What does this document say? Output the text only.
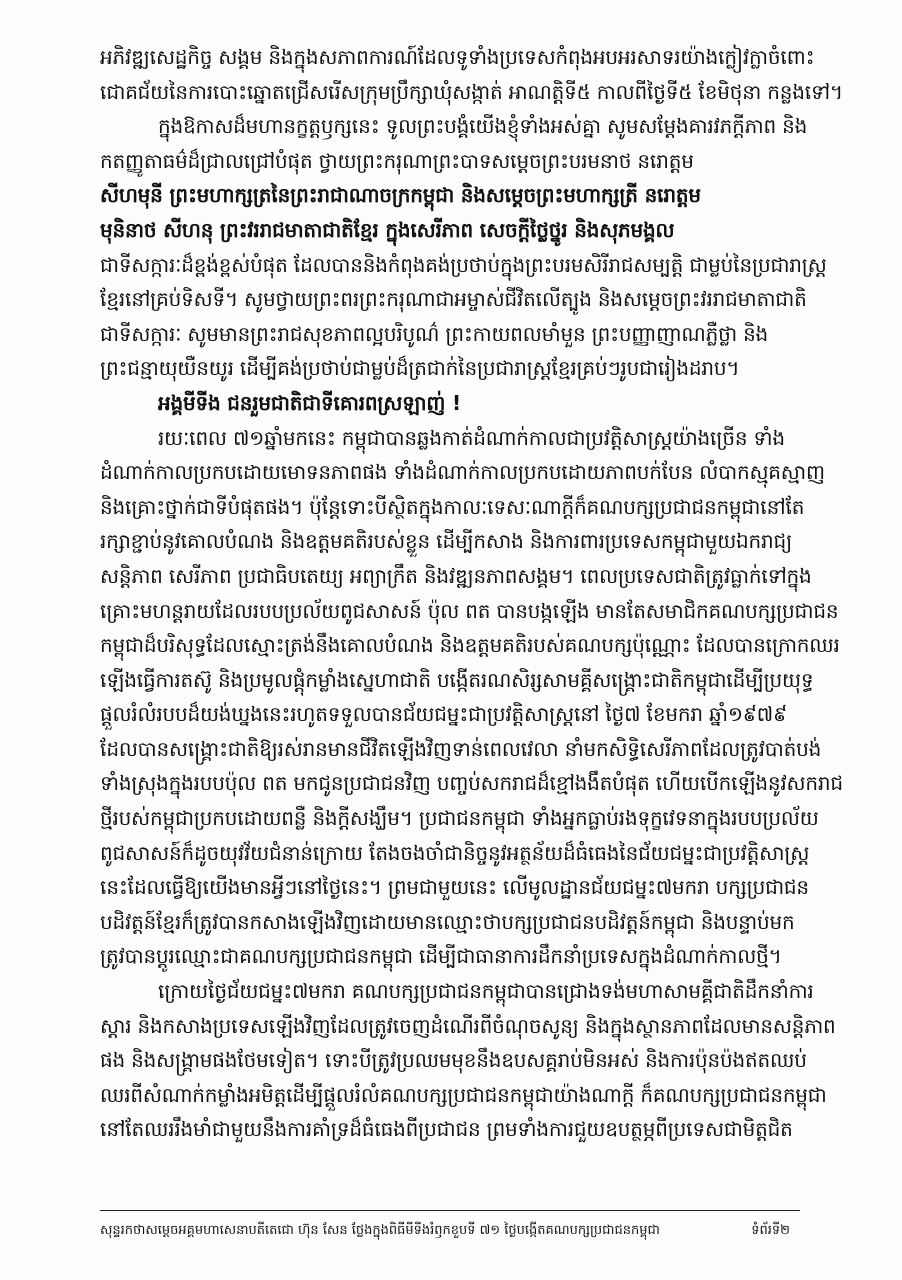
អភិវឌ្ឍសេដ្ឋកិច្ច សង្គម និងក្នុងសភាពការណ៍ដែលទូទាំងប្រទេសកំពុងអបអរសាទរយ៉ាងក្លៀវក្លាចំពោះ
ជោគជ័យនៃការបោះឆ្នោតជ្រើសរើសក្រុមប្រឹក្សាឃុំសង្កាត់ អាណត្តិទី៥ កាលពីថ្ងៃទី៥ ខែមិថុនា កន្លងទៅ។
ក្នុងឱកាសដ៏មហានក្ខត្តឫក្សនេះ ទូលព្រះបង្គំយើងខ្ញុំទាំងអស់គ្នា សូមសម្តែងគារវភក្តីភាព និង
កតញ្ញូតាធម៌ដ៏ជ្រាលជ្រៅបំផុត ថ្វាយព្រះករុណាព្រះបាទសម្តេចព្រះបរមនាថ នរោត្តម
សីហមុនី ព្រះមហាក្សត្រនៃព្រះរាជាណាចក្រកម្ពុជា និងសម្តេចព្រះមហាក្សត្រី នរោត្តម
មុនិនាថ សីហនុ ព្រះវររាជមាតាជាតិខ្មែរ ក្នុងសេរីភាព សេចក្តីថ្លៃថ្នូរ និងសុភមង្គល
ជាទីសក្ការៈដ៏ខ្ពង់ខ្ពស់បំផុត ដែលបាននិងកំពុងគង់ប្រថាប់ក្នុងព្រះបរមសិរីរាជសម្បត្តិ ជាម្លប់នៃប្រជារាស្ត្រ
ខ្មែរនៅគ្រប់ទិសទី។ សូមថ្វាយព្រះពរព្រះករុណាជាអម្ចាស់ជីវិតលើត្បូង និងសម្តេចព្រះវររាជមាតាជាតិ
ជាទីសក្ការៈ សូមមានព្រះរាជសុខភាពល្អបរិបូណ៌ ព្រះកាយពលមាំមួន ព្រះបញ្ញាញាណភ្លឺថ្លា និង
ព្រះជន្មាយុយឺនយូរ ដើម្បីគង់ប្រថាប់ជាម្លប់ដ៏ត្រជាក់នៃប្រជារាស្ត្រខ្មែរគ្រប់ៗរូបជារៀងដរាប។
អង្គមីទីង ជនរួមជាតិជាទីគោរពស្រឡាញ់ !
រយៈពេល ៧១ឆ្នាំមកនេះ កម្ពុជាបានឆ្លងកាត់ដំណាក់កាលជាប្រវត្តិសាស្ត្រយ៉ាងច្រើន ទាំង
ដំណាក់កាលប្រកបដោយមោទនភាពផង ទាំងដំណាក់កាលប្រកបដោយភាពបក់បែន លំបាកស្មុគស្មាញ
និងគ្រោះថ្នាក់ជាទីបំផុតផង។ ប៉ុន្តែទោះបីស្ថិតក្នុងកាលៈទេសៈណាក្តីក៏គណបក្សប្រជាជនកម្ពុជានៅតែ
រក្សាខ្ជាប់នូវគោលបំណង និងឧត្តមគតិរបស់ខ្លួន ដើម្បីកសាង និងការពារប្រទេសកម្ពុជាមួយឯករាជ្យ
សន្តិភាព សេរីភាព ប្រជាធិបតេយ្យ អព្យាក្រឹត និងវឌ្ឍនភាពសង្គម។ ពេលប្រទេសជាតិត្រូវធ្លាក់ទៅក្នុង
គ្រោះមហន្តរាយដែលរបបប្រល័យពូជសាសន៍ ប៉ុល ពត បានបង្កឡើង មានតែសមាជិកគណបក្សប្រជាជន
កម្ពុជាដ៏បរិសុទ្ធដែលស្មោះត្រង់នឹងគោលបំណង និងឧត្តមគតិរបស់គណបក្សប៉ុណ្ណោះ ដែលបានក្រោកឈរ
ឡើងធ្វើការតស៊ូ និងប្រមូលផ្តុំកម្លាំងស្នេហាជាតិ បង្កើតរណសិរ្សសាមគ្គីសង្គ្រោះជាតិកម្ពុជាដើម្បីប្រយុទ្ធ
ផ្តួលរំលំរបបដ៏យង់ឃ្នងនេះរហូតទទួលបានជ័យជម្នះជាប្រវត្តិសាស្ត្រនៅ ថ្ងៃ៧ ខែមករា ឆ្នាំ១៩៧៩
ដែលបានសង្គ្រោះជាតិឱ្យរស់រានមានជីវិតឡើងវិញទាន់ពេលវេលា នាំមកសិទ្ធិសេរីភាពដែលត្រូវបាត់បង់
ទាំងស្រុងក្នុងរបបប៉ុល ពត មកជូនប្រជាជនវិញ បញ្ចប់សករាជដ៏ខ្មៅងងឹតបំផុត ហើយបើកឡើងនូវសករាជ
ថ្មីរបស់កម្ពុជាប្រកបដោយពន្លឺ និងក្តីសង្ឃឹម។ ប្រជាជនកម្ពុជា ទាំងអ្នកធ្លាប់រងទុក្ខវេទនាក្នុងរបបប្រល័យ
ពូជសាសន៍ក៏ដូចយុវវ័យជំនាន់ក្រោយ តែងចងចាំជានិច្ចនូវអត្ថន័យដ៏ធំធេងនៃជ័យជម្នះជាប្រវត្តិសាស្ត្រ
នេះដែលធ្វើឱ្យយើងមានអ្វីៗនៅថ្ងៃនេះ។ ព្រមជាមួយនេះ លើមូលដ្ឋានជ័យជម្នះ៧មករា បក្សប្រជាជន
បដិវត្តន៍ខ្មែរក៏ត្រូវបានកសាងឡើងវិញដោយមានឈ្មោះថាបក្សប្រជាជនបដិវត្តន៍កម្ពុជា និងបន្ទាប់មក
ត្រូវបានប្តូរឈ្មោះជាគណបក្សប្រជាជនកម្ពុជា ដើម្បីជាធានាការដឹកនាំប្រទេសក្នុងដំណាក់កាលថ្មី។
ក្រោយថ្ងៃជ័យជម្នះ៧មករា គណបក្សប្រជាជនកម្ពុជាបានជ្រោងទង់មហាសាមគ្គីជាតិដឹកនាំការ
ស្តារ និងកសាងប្រទេសឡើងវិញដែលត្រូវចេញដំណើរពីចំណុចសូន្យ និងក្នុងស្ថានភាពដែលមានសន្តិភាព
ផង និងសង្គ្រាមផងថែមទៀត។ ទោះបីត្រូវប្រឈមមុខនឹងឧបសគ្គរាប់មិនអស់ និងការប៉ុនប៉ងឥតឈប់
ឈរពីសំណាក់កម្លាំងអមិត្តដើម្បីផ្តួលរំលំគណបក្សប្រជាជនកម្ពុជាយ៉ាងណាក្តី ក៏គណបក្សប្រជាជនកម្ពុជា
នៅតែឈររឹងមាំជាមួយនឹងការគាំទ្រដ៏ធំធេងពីប្រជាជន ព្រមទាំងការជួយឧបត្ថម្ភពីប្រទេសជាមិត្តជិត
សុន្ទរកថាសម្តេចអគ្គមហាសេនាបតីតេជោ ហ៊ុន សែន ថ្លែងក្នុងពិធីមីទីងរំឭកខួបទី ៧១ ថ្ងៃបង្កើតគណបក្សប្រជាជនកម្ពុជា	ទំព័រទី២
